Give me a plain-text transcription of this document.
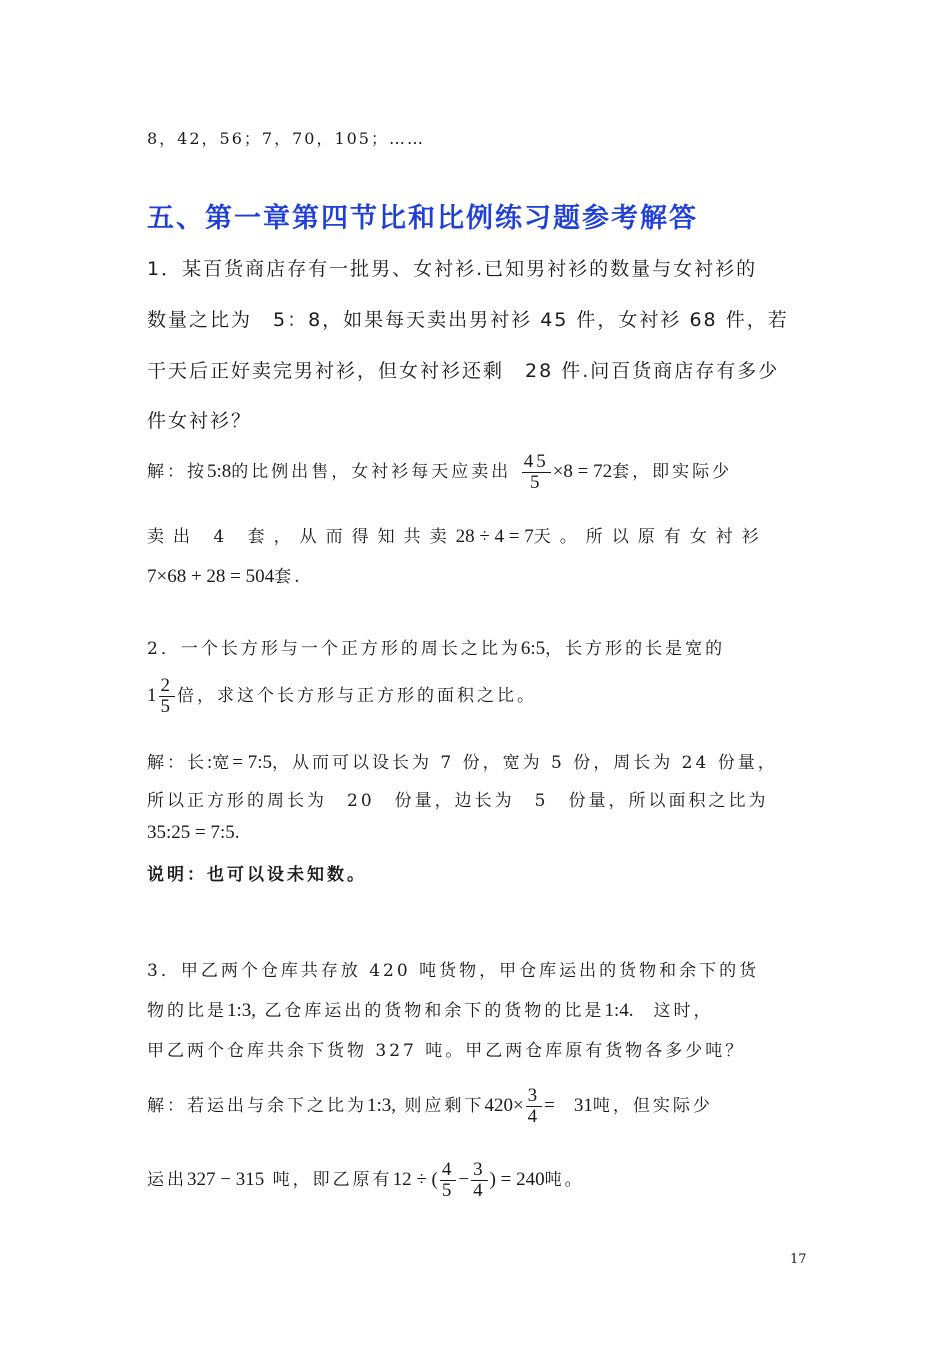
8，42，56；7，70，105；……
五、第一章第四节比和比例练习题参考解答
1．某百货商店存有一批男、女衬衫.已知男衬衫的数量与女衬衫的
数量之比为　5：8，如果每天卖出男衬衫 45 件，女衬衫 68 件，若
干天后正好卖完男衬衫，但女衬衫还剩　28 件.问百货商店存有多少
件女衬衫？
解：按5:8的比例出售，女衬衫每天应卖出 $\frac{45}{5} \times 8 = 72$套，即实际少
卖出 4 套，从而得知共卖28 ÷ 4 = 7天。所以原有女衬衫
7×68 + 28 = 504套.
2．一个长方形与一个正方形的周长之比为6:5，长方形的长是宽的
$1 \frac{2}{5}$ 倍，求这个长方形与正方形的面积之比。
解：长:宽= 7:5，从而可以设长为 7 份，宽为 5 份，周长为 24 份量，
所以正方形的周长为　20　份量，边长为　5　份量，所以面积之比为
35:25 = 7:5.
说明：也可以设未知数。
3．甲乙两个仓库共存放 420 吨货物，甲仓库运出的货物和余下的货
物的比是1:3, 乙仓库运出的货物和余下的货物的比是1:4.　 这时，
甲乙两个仓库共余下货物 327 吨。甲乙两仓库原有货物各多少吨？
解：若运出与余下之比为1:3, 则应剩下$420\times \frac{3}{4}$ =　31吨，但实际少
运出327 − 315 吨，即乙原有12 ÷ ( $\frac{4}{5} - \frac{3}{4}$ ) = 240吨。
17
